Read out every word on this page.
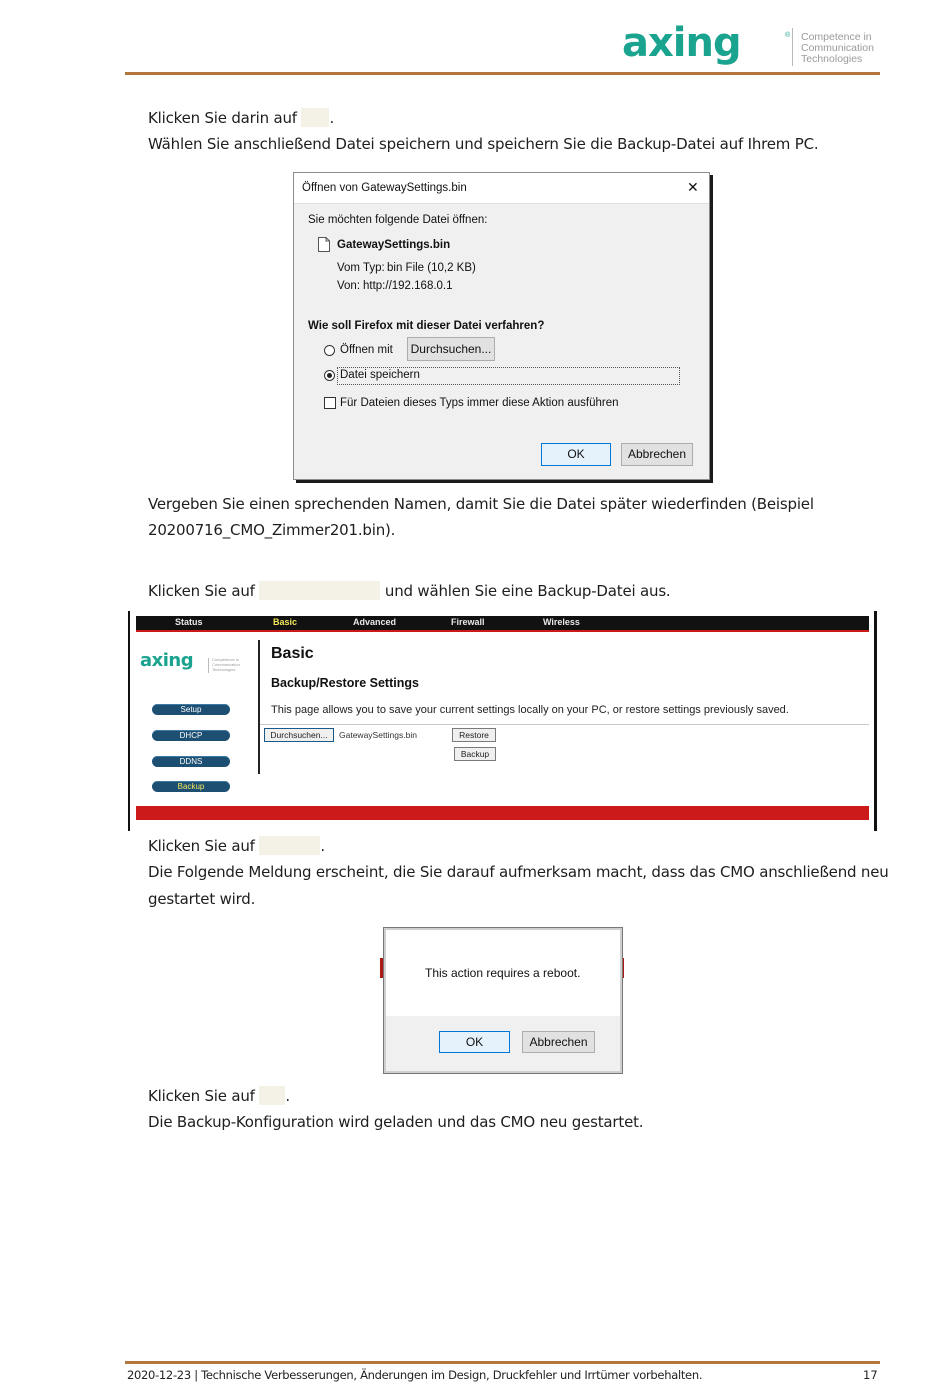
axing	® Competence in
Communication
Technologies
Klicken Sie darin auf .
Wählen Sie anschließend Datei speichern und speichern Sie die Backup-Datei auf Ihrem PC.
Öffnen von GatewaySettings.bin	✕
Sie möchten folgende Datei öffnen:
GatewaySettings.bin
Vom Typ: bin File (10,2 KB)
Von: http://192.168.0.1
Wie soll Firefox mit dieser Datei verfahren?
Öffnen mit	Durchsuchen...
Datei speichern
Für Dateien dieses Typs immer diese Aktion ausführen
OK	Abbrechen
Vergeben Sie einen sprechenden Namen, damit Sie die Datei später wiederfinden (Beispiel
20200716_CMO_Zimmer201.bin).
Klicken Sie auf	und wählen Sie eine Backup-Datei aus.
Status	Basic	Advanced	Firewall	Wireless
axing	Competence in
Communication
Technologies
Setup
DHCP
DDNS
Backup
Basic
Backup/Restore Settings
This page allows you to save your current settings locally on your PC, or restore settings previously saved.
Durchsuchen...	GatewaySettings.bin	Restore
Backup
Klicken Sie auf	.
Die Folgende Meldung erscheint, die Sie darauf aufmerksam macht, dass das CMO anschließend neu
gestartet wird.
This action requires a reboot.
OK	Abbrechen
Klicken Sie auf .
Die Backup-Konfiguration wird geladen und das CMO neu gestartet.
2020-12-23 | Technische Verbesserungen, Änderungen im Design, Druckfehler und Irrtümer vorbehalten.	17
